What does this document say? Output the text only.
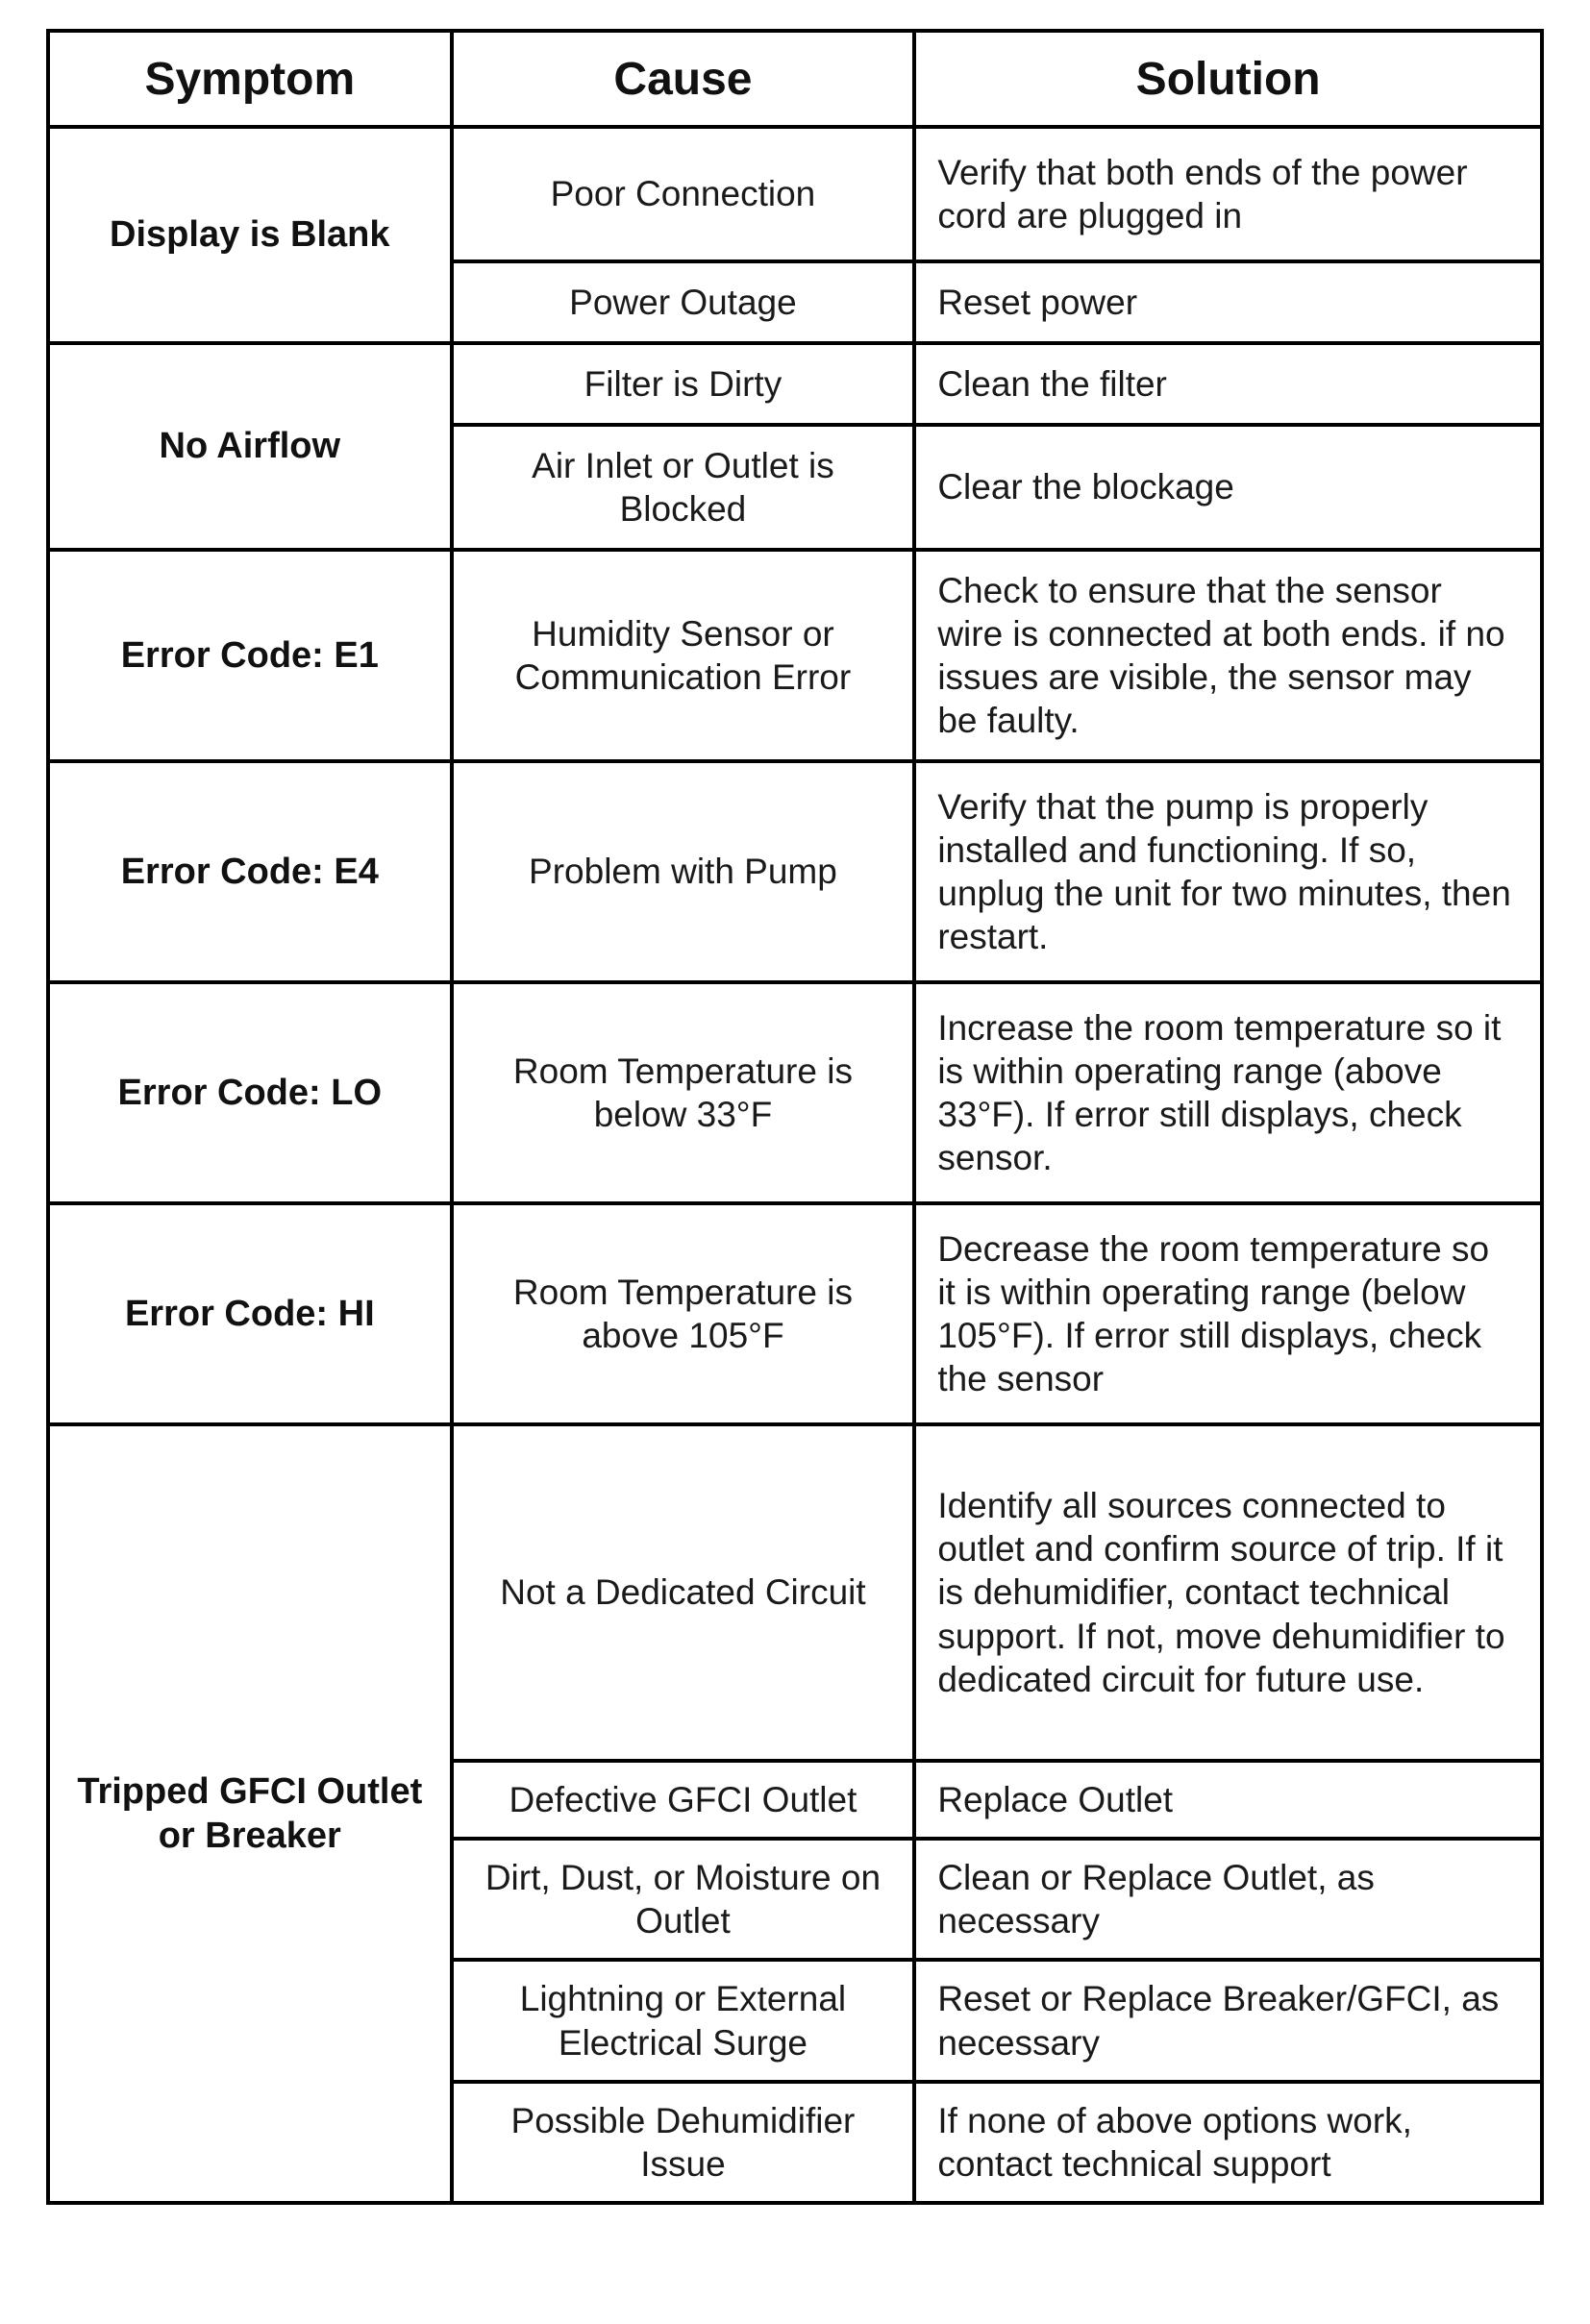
Symptom	Cause	Solution
Display is Blank	Poor Connection	Verify that both ends of the power cord are plugged in
	Power Outage	Reset power
No Airflow	Filter is Dirty	Clean the filter
	Air Inlet or Outlet is Blocked	Clear the blockage
Error Code: E1	Humidity Sensor or Communication Error	Check to ensure that the sensor wire is connected at both ends. if no issues are visible, the sensor may be faulty.
Error Code: E4	Problem with Pump	Verify that the pump is properly installed and functioning. If so, unplug the unit for two minutes, then restart.
Error Code: LO	Room Temperature is below 33°F	Increase the room temperature so it is within operating range (above 33°F). If error still displays, check sensor.
Error Code: HI	Room Temperature is above 105°F	Decrease the room temperature so it is within operating range (below 105°F). If error still displays, check the sensor
Tripped GFCI Outlet or Breaker	Not a Dedicated Circuit	Identify all sources connected to outlet and confirm source of trip. If it is dehumidifier, contact technical support. If not, move dehumidifier to dedicated circuit for future use.
	Defective GFCI Outlet	Replace Outlet
	Dirt, Dust, or Moisture on Outlet	Clean or Replace Outlet, as necessary
	Lightning or External Electrical Surge	Reset or Replace Breaker/GFCI, as necessary
	Possible Dehumidifier Issue	If none of above options work, contact technical support
